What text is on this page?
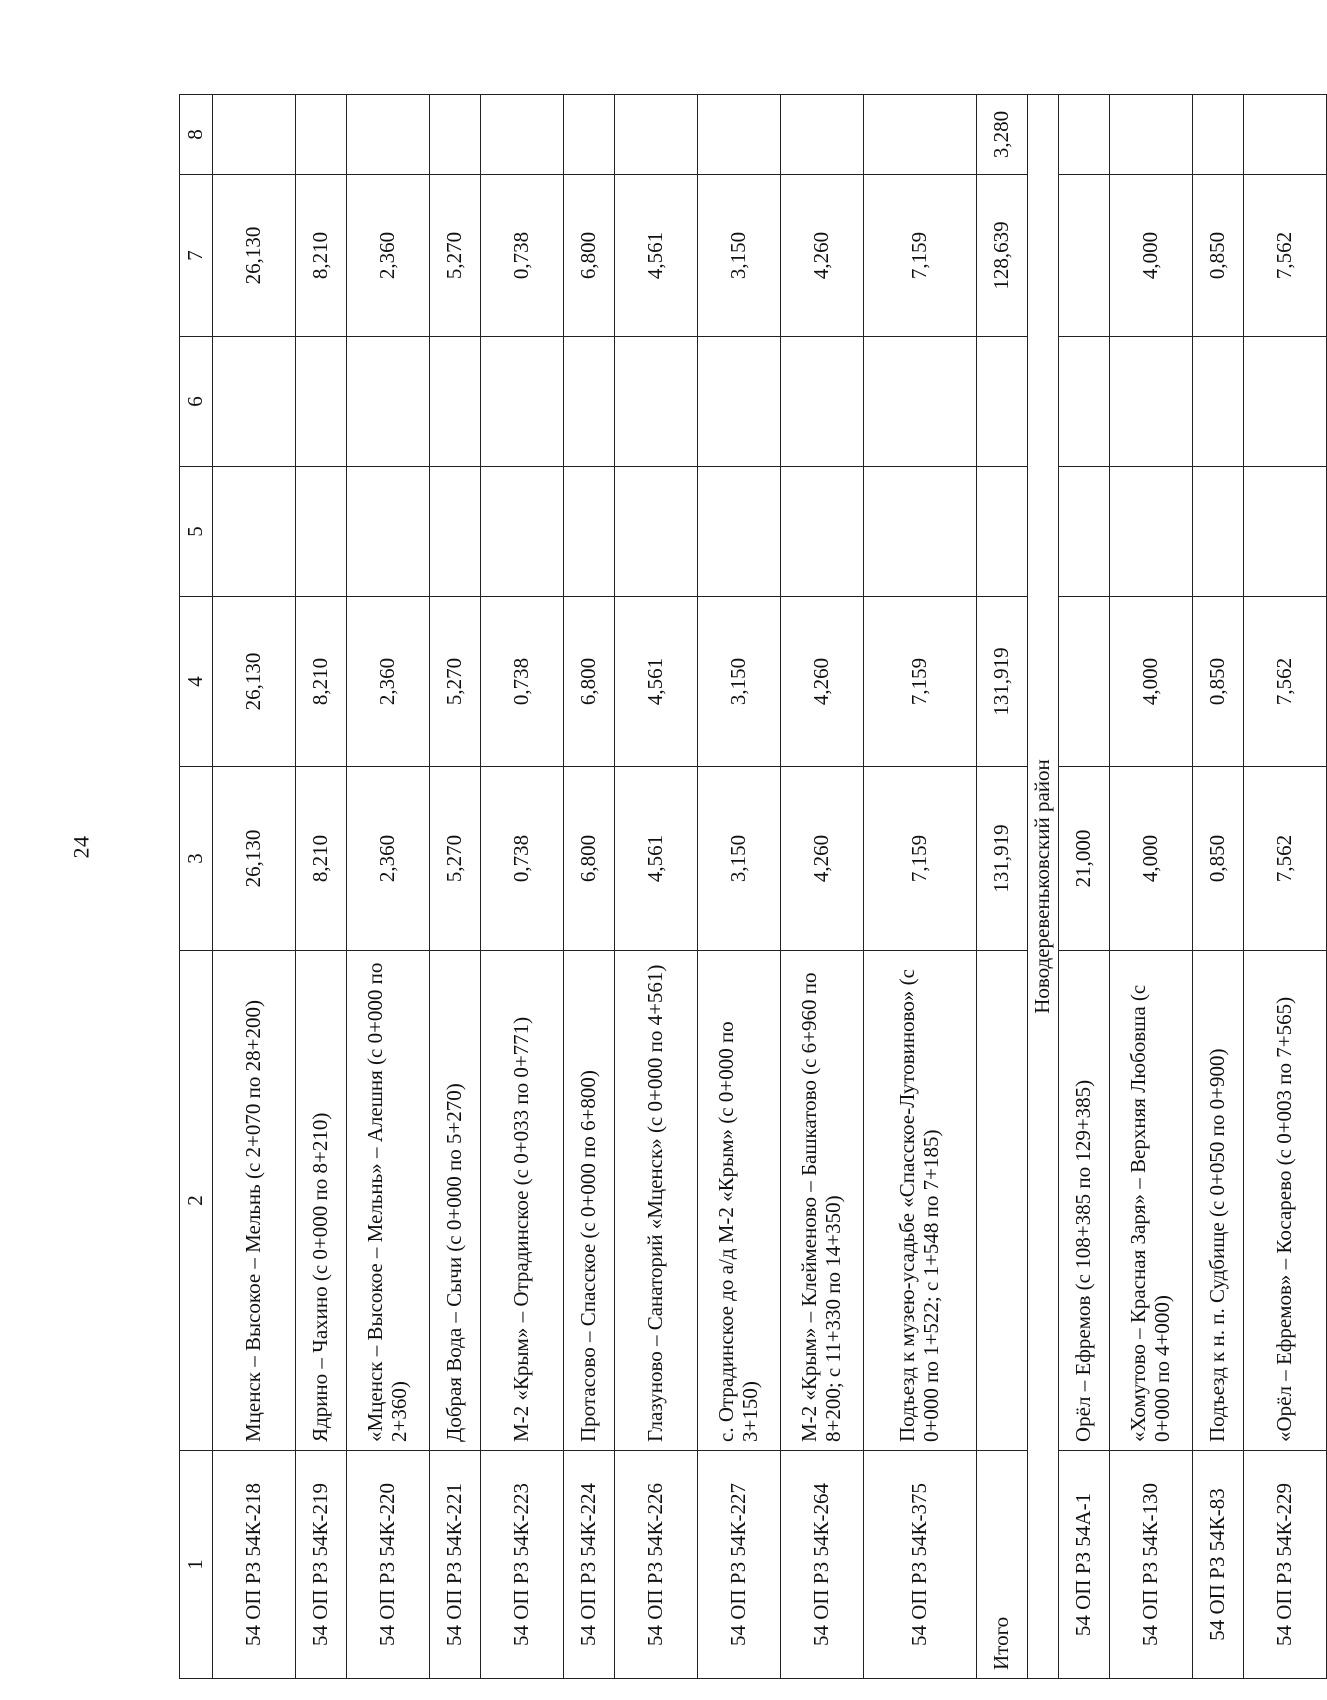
24
1	2	3	4	5	6	7	8
54 ОП РЗ 54К-218	Мценск – Высокое – Мельнь (с 2+070 по 28+200)	26,130	26,130			26,130	
54 ОП РЗ 54К-219	Ядрино – Чахино (с 0+000 по 8+210)	8,210	8,210			8,210	
54 ОП РЗ 54К-220	«Мценск – Высокое – Мельнь» – Алешня (с 0+000 по 2+360)	2,360	2,360			2,360	
54 ОП РЗ 54К-221	Добрая Вода – Сычи (с 0+000 по 5+270)	5,270	5,270			5,270	
54 ОП РЗ 54К-223	М-2 «Крым» – Отрадинское (с 0+033 по 0+771)	0,738	0,738			0,738	
54 ОП РЗ 54К-224	Протасово – Спасское (с 0+000 по 6+800)	6,800	6,800			6,800	
54 ОП РЗ 54К-226	Глазуново – Санаторий «Мценск» (с 0+000 по 4+561)	4,561	4,561			4,561	
54 ОП РЗ 54К-227	с. Отрадинское до а/д М-2 «Крым» (с 0+000 по 3+150)	3,150	3,150			3,150	
54 ОП РЗ 54К-264	М-2 «Крым» – Клейменово – Башкатово (с 6+960 по 8+200; с 11+330 по 14+350)	4,260	4,260			4,260	
54 ОП РЗ 54К-375	Подъезд к музею-усадьбе «Спасское-Лутовиново» (с 0+000 по 1+522; с 1+548 по 7+185)	7,159	7,159			7,159	
Итого		131,919	131,919			128,639	3,280
Новодеревеньковский район							
54 ОП РЗ 54А-1	Орёл – Ефремов (с 108+385 по 129+385)	21,000					
54 ОП РЗ 54К-130	«Хомутово – Красная Заря» – Верхняя Любовша (с 0+000 по 4+000)	4,000	4,000			4,000	
54 ОП РЗ 54К-83	Подъезд к н. п. Судбище (с 0+050 по 0+900)	0,850	0,850			0,850	
54 ОП РЗ 54К-229	«Орёл – Ефремов» – Косарево (с 0+003 по 7+565)	7,562	7,562			7,562	
